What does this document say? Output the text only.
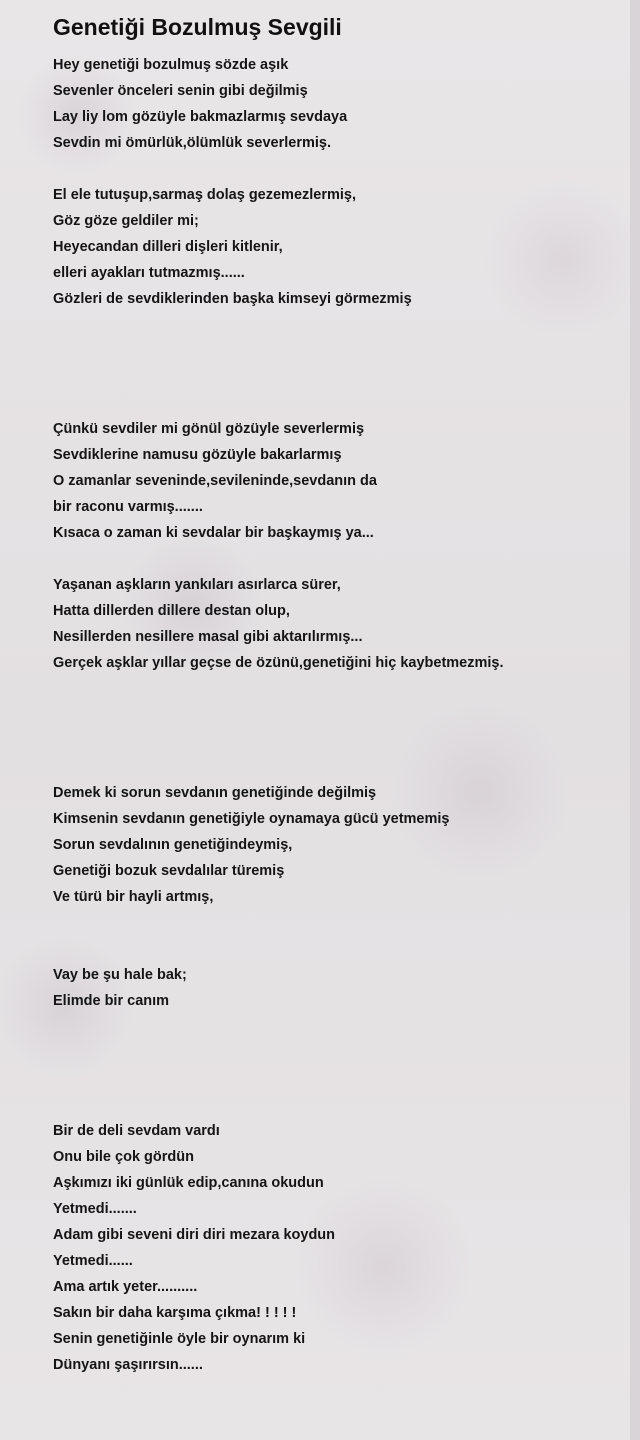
Genetiği Bozulmuş Sevgili
Hey genetiği bozulmuş sözde aşık
Sevenler önceleri senin gibi değilmiş
Lay liy lom gözüyle bakmazlarmış sevdaya
Sevdin mi ömürlük,ölümlük severlermiş.
El ele tutuşup,sarmaş dolaş gezemezlermiş,
Göz göze geldiler mi;
Heyecandan dilleri dişleri kitlenir,
elleri ayakları tutmazmış......
Gözleri de sevdiklerinden başka kimseyi görmezmiş
Çünkü sevdiler mi gönül gözüyle severlermiş
Sevdiklerine namusu gözüyle bakarlarmış
O zamanlar seveninde,sevileninde,sevdanın da
bir raconu varmış.......
Kısaca o zaman ki sevdalar bir başkaymış ya...
Yaşanan aşkların yankıları asırlarca sürer,
Hatta dillerden dillere destan olup,
Nesillerden nesillere masal gibi aktarılırmış...
Gerçek aşklar yıllar geçse de özünü,genetiğini hiç kaybetmezmiş.
Demek ki sorun sevdanın genetiğinde değilmiş
Kimsenin sevdanın genetiğiyle oynamaya gücü yetmemiş
Sorun sevdalının genetiğindeymiş,
Genetiği bozuk sevdalılar türemiş
Ve türü bir hayli artmış,
Vay be şu hale bak;
Elimde bir canım
Bir de deli sevdam vardı
Onu bile çok gördün
Aşkımızı iki günlük edip,canına okudun
Yetmedi.......
Adam gibi seveni diri diri mezara koydun
Yetmedi......
Ama artık yeter..........
Sakın bir daha karşıma çıkma! ! ! ! !
Senin genetiğinle öyle bir oynarım ki
Dünyanı şaşırırsın......
